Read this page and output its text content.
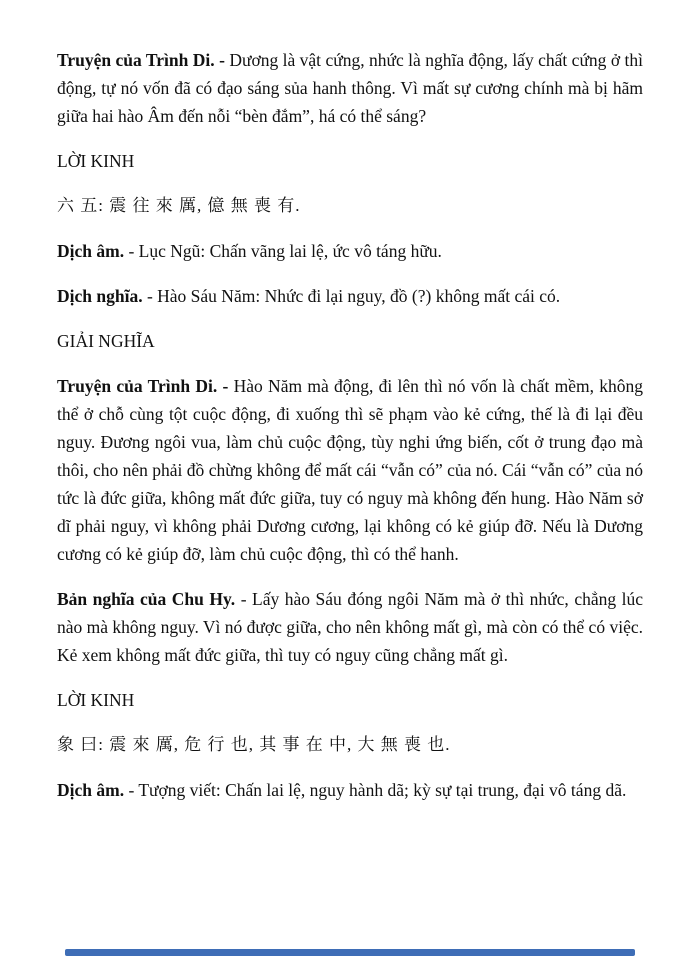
Truyện của Trình Di. - Dương là vật cứng, nhức là nghĩa động, lấy chất cứng ở thì động, tự nó vốn đã có đạo sáng sủa hanh thông. Vì mất sự cương chính mà bị hãm giữa hai hào Âm đến nỗi “bèn đắm”, há có thể sáng?

LỜI KINH

六 五: 震 往 來 厲, 億 無 喪 有.

Dịch âm. - Lục Ngũ: Chấn vãng lai lệ, ức vô táng hữu.

Dịch nghĩa. - Hào Sáu Năm: Nhức đi lại nguy, đồ (?) không mất cái có.

GIẢI NGHĨA

Truyện của Trình Di. - Hào Năm mà động, đi lên thì nó vốn là chất mềm, không thể ở chỗ cùng tột cuộc động, đi xuống thì sẽ phạm vào kẻ cứng, thế là đi lại đều nguy. Đương ngôi vua, làm chủ cuộc động, tùy nghi ứng biến, cốt ở trung đạo mà thôi, cho nên phải đồ chừng không để mất cái “vẫn có” của nó. Cái “vẫn có” của nó tức là đức giữa, không mất đức giữa, tuy có nguy mà không đến hung. Hào Năm sở dĩ phải nguy, vì không phải Dương cương, lại không có kẻ giúp đỡ. Nếu là Dương cương có kẻ giúp đỡ, làm chủ cuộc động, thì có thể hanh.

Bản nghĩa của Chu Hy. - Lấy hào Sáu đóng ngôi Năm mà ở thì nhức, chẳng lúc nào mà không nguy. Vì nó được giữa, cho nên không mất gì, mà còn có thể có việc. Kẻ xem không mất đức giữa, thì tuy có nguy cũng chẳng mất gì.

LỜI KINH

象 曰: 震 來 厲, 危 行 也, 其 事 在 中, 大 無 喪 也.

Dịch âm. - Tượng viết: Chấn lai lệ, nguy hành dã; kỳ sự tại trung, đại vô táng dã.
